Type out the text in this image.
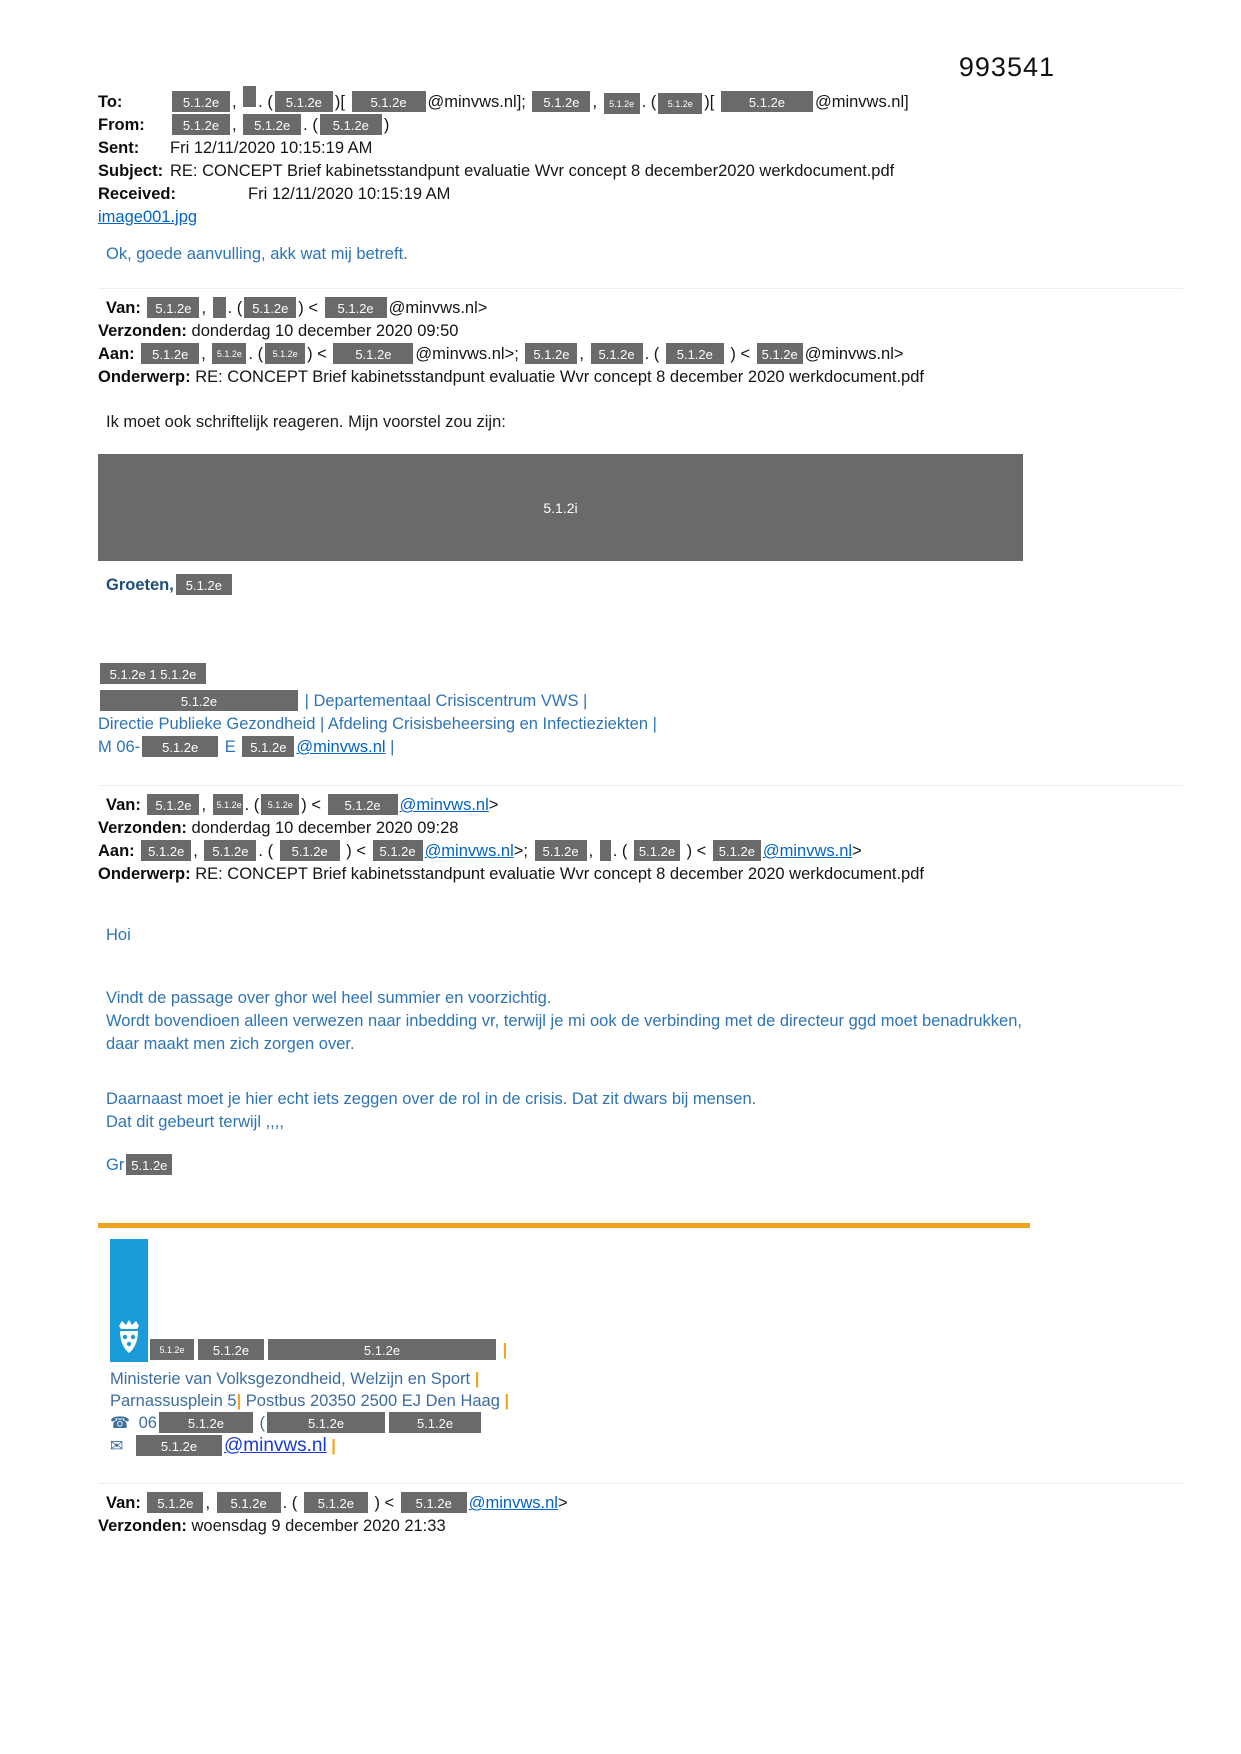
993541
To:	5.1.2e , . ( 5.1.2e )[	5.1.2e	@minvws.nl]; 5.1.2e , 5.1.2e . (	5.1.2e )[	5.1.2e	@minvws.nl]
From:	5.1.2e , 5.1.2e . (	5.1.2e )
Sent:	Fri 12/11/2020 10:15:19 AM
Subject: RE: CONCEPT Brief kabinetsstandpunt evaluatie Wvr concept 8 december2020 werkdocument.pdf
Received:	Fri 12/11/2020 10:15:19 AM
image001.jpg
Ok, goede aanvulling, akk wat mij betreft.
Van: 5.1.2e , . ( 5.1.2e ) < 5.1.2e @minvws.nl>
Verzonden: donderdag 10 december 2020 09:50
Aan: 5.1.2e , 5.1.2e . ( 5.1.2e ) < 5.1.2e @minvws.nl>; 5.1.2e , 5.1.2e . ( 5.1.2e ) < 5.1.2e @minvws.nl>
Onderwerp: RE: CONCEPT Brief kabinetsstandpunt evaluatie Wvr concept 8 december 2020 werkdocument.pdf
Ik moet ook schriftelijk reageren. Mijn voorstel zou zijn:
5.1.2i
Groeten, 5.1.2e
5.1.2e 1 5.1.2e
5.1.2e	| Departementaal Crisiscentrum VWS |
Directie Publieke Gezondheid | Afdeling Crisisbeheersing en Infectieziekten |
M 06- 5.1.2e E 5.1.2e @minvws.nl |
Van: 5.1.2e , 5.1.2e . ( 5.1.2e ) < 5.1.2e @minvws.nl>
Verzonden: donderdag 10 december 2020 09:28
Aan: 5.1.2e , 5.1.2e . ( 5.1.2e ) < 5.1.2e @minvws.nl>; 5.1.2e , . ( 5.1.2e ) < 5.1.2e @minvws.nl>
Onderwerp: RE: CONCEPT Brief kabinetsstandpunt evaluatie Wvr concept 8 december 2020 werkdocument.pdf
Hoi
Vindt de passage over ghor wel heel summier en voorzichtig.
Wordt bovendioen alleen verwezen naar inbedding vr, terwijl je mi ook de verbinding met de directeur ggd moet benadrukken,
daar maakt men zich zorgen over.
Daarnaast moet je hier echt iets zeggen over de rol in de crisis. Dat zit dwars bij mensen.
Dat dit gebeurt terwijl ,,,,
Gr 5.1.2e
5.1.2e 5.1.2e	5.1.2e	|
Ministerie van Volksgezondheid, Welzijn en Sport |
Parnassusplein 5| Postbus 20350 2500 EJ Den Haag |
☎ 06 5.1.2e (	5.1.2e	5.1.2e
✉	5.1.2e @minvws.nl |
Van: 5.1.2e , 5.1.2e . ( 5.1.2e ) < 5.1.2e @minvws.nl>
Verzonden: woensdag 9 december 2020 21:33
